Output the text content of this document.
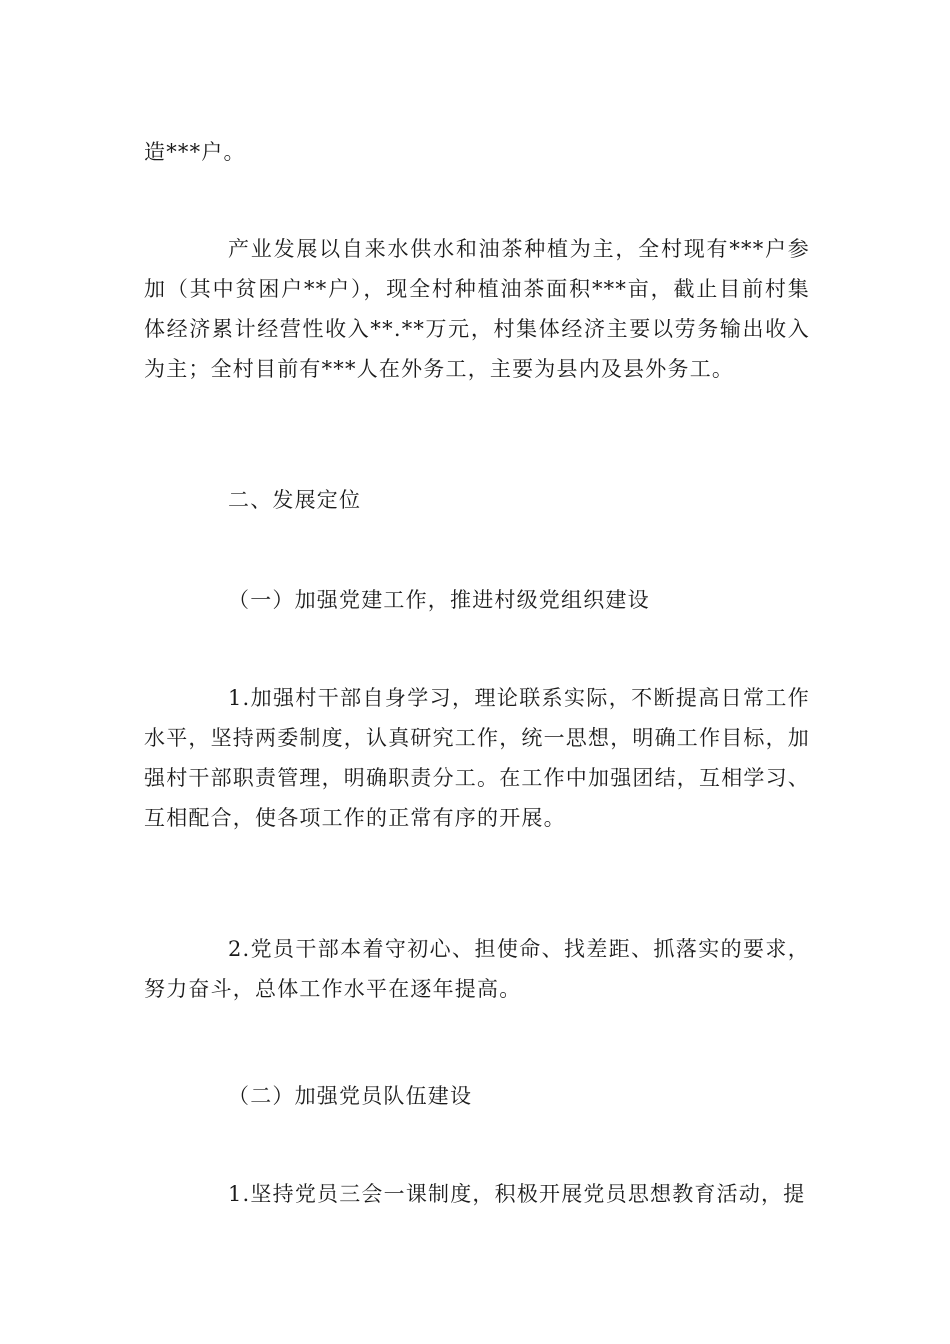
造***户。

产业发展以自来水供水和油茶种植为主，全村现有***户参加（其中贫困户**户），现全村种植油茶面积***亩，截止目前村集体经济累计经营性收入**.**万元，村集体经济主要以劳务输出收入为主；全村目前有***人在外务工，主要为县内及县外务工。

二、发展定位

（一）加强党建工作，推进村级党组织建设

1.加强村干部自身学习，理论联系实际，不断提高日常工作水平，坚持两委制度，认真研究工作，统一思想，明确工作目标，加强村干部职责管理，明确职责分工。在工作中加强团结，互相学习、互相配合，使各项工作的正常有序的开展。

2.党员干部本着守初心、担使命、找差距、抓落实的要求，努力奋斗，总体工作水平在逐年提高。

（二）加强党员队伍建设

1.坚持党员三会一课制度，积极开展党员思想教育活动，提
